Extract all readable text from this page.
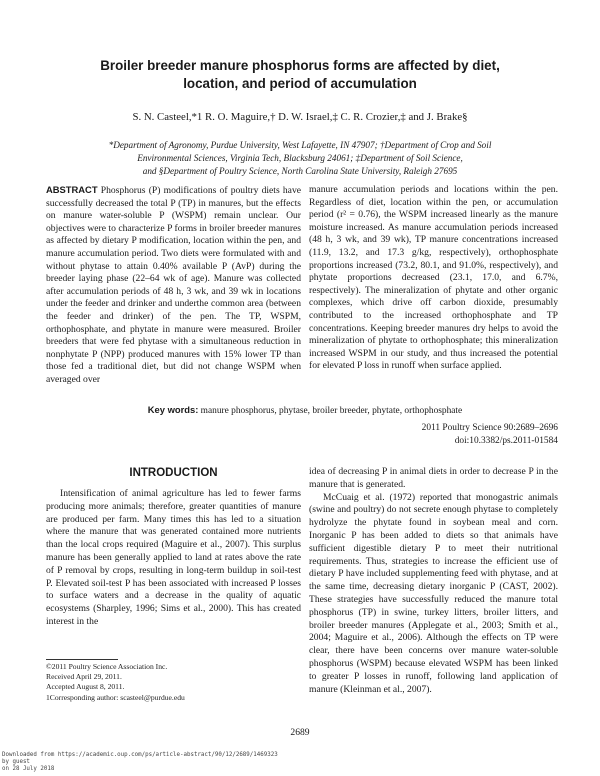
Broiler breeder manure phosphorus forms are affected by diet,
location, and period of accumulation
S. N. Casteel,*1 R. O. Maguire,† D. W. Israel,‡ C. R. Crozier,‡ and J. Brake§
*Department of Agronomy, Purdue University, West Lafayette, IN 47907; †Department of Crop and Soil
Environmental Sciences, Virginia Tech, Blacksburg 24061; ‡Department of Soil Science,
and §Department of Poultry Science, North Carolina State University, Raleigh 27695
ABSTRACT Phosphorus (P) modifications of poultry diets have successfully decreased the total P (TP) in manures, but the effects on manure water-soluble P (WSPM) remain unclear. Our objectives were to characterize P forms in broiler breeder manures as affected by dietary P modification, location within the pen, and manure accumulation period. Two diets were formulated with and without phytase to attain 0.40% available P (AvP) during the breeder laying phase (22–64 wk of age). Manure was collected after accumulation periods of 48 h, 3 wk, and 39 wk in locations under the feeder and drinker and underthe common area (between the feeder and drinker) of the pen. The TP, WSPM, orthophosphate, and phytate in manure were measured. Broiler breeders that were fed phytase with a simultaneous reduction in nonphytate P (NPP) produced manures with 15% lower TP than those fed a traditional diet, but did not change WSPM when averaged over
manure accumulation periods and locations within the pen. Regardless of diet, location within the pen, or accumulation period (r² = 0.76), the WSPM increased linearly as the manure moisture increased. As manure accumulation periods increased (48 h, 3 wk, and 39 wk), TP manure concentrations increased (11.9, 13.2, and 17.3 g/kg, respectively), orthophosphate proportions increased (73.2, 80.1, and 91.0%, respectively), and phytate proportions decreased (23.1, 17.0, and 6.7%, respectively). The mineralization of phytate and other organic complexes, which drive off carbon dioxide, presumably contributed to the increased orthophosphate and TP concentrations. Keeping breeder manures dry helps to avoid the mineralization of phytate to orthophosphate; this mineralization increased WSPM in our study, and thus increased the potential for elevated P loss in runoff when surface applied.
Key words: manure phosphorus, phytase, broiler breeder, phytate, orthophosphate
2011 Poultry Science 90:2689–2696
doi:10.3382/ps.2011-01584
INTRODUCTION

Intensification of animal agriculture has led to fewer farms producing more animals; therefore, greater quantities of manure are produced per farm. Many times this has led to a situation where the manure that was generated contained more nutrients than the local crops required (Maguire et al., 2007). This surplus manure has been generally applied to land at rates above the rate of P removal by crops, resulting in long-term buildup in soil-test P. Elevated soil-test P has been associated with increased P losses to surface waters and a decrease in the quality of aquatic ecosystems (Sharpley, 1996; Sims et al., 2000). This has created interest in the

idea of decreasing P in animal diets in order to decrease P in the manure that is generated.

McCuaig et al. (1972) reported that monogastric animals (swine and poultry) do not secrete enough phytase to completely hydrolyze the phytate found in soybean meal and corn. Inorganic P has been added to diets so that animals have sufficient digestible dietary P to meet their nutritional requirements. Thus, strategies to increase the efficient use of dietary P have included supplementing feed with phytase, and at the same time, decreasing dietary inorganic P (CAST, 2002). These strategies have successfully reduced the manure total phosphorus (TP) in swine, turkey litters, broiler litters, and broiler breeder manures (Applegate et al., 2003; Smith et al., 2004; Maguire et al., 2006). Although the effects on TP were clear, there have been concerns over manure water-soluble phosphorus (WSPM) because elevated WSPM has been linked to greater P losses in runoff, following land application of manure (Kleinman et al., 2007).

©2011 Poultry Science Association Inc.
Received April 29, 2011.
Accepted August 8, 2011.
1Corresponding author: scasteel@purdue.edu
2689
Downloaded from https://academic.oup.com/ps/article-abstract/90/12/2689/1469323
by guest
on 28 July 2018
